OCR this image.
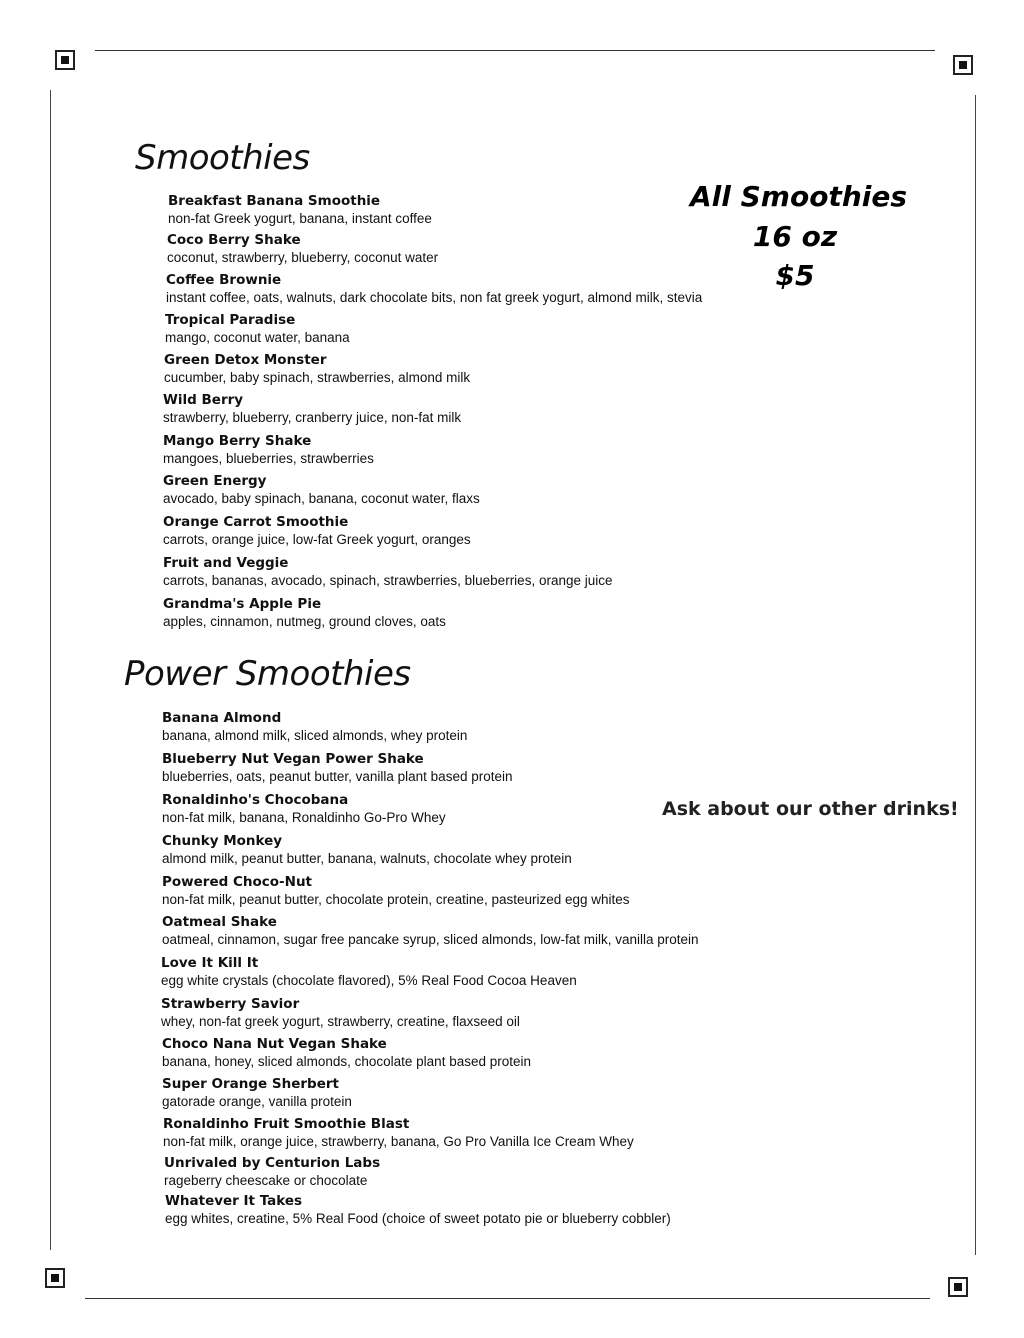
Smoothies
Breakfast Banana Smoothie
non-fat Greek yogurt, banana, instant coffee
Coco Berry Shake
coconut, strawberry, blueberry, coconut water
Coffee Brownie
instant coffee, oats, walnuts, dark chocolate bits, non fat greek yogurt, almond milk, stevia
Tropical Paradise
mango, coconut water, banana
Green Detox Monster
cucumber, baby spinach, strawberries, almond milk
Wild Berry
strawberry, blueberry, cranberry juice, non-fat milk
Mango Berry Shake
mangoes, blueberries, strawberries
Green Energy
avocado, baby spinach, banana, coconut water, flaxs
Orange Carrot Smoothie
carrots, orange juice, low-fat Greek yogurt, oranges
Fruit and Veggie
carrots, bananas, avocado, spinach, strawberries, blueberries, orange juice
Grandma's Apple Pie
apples, cinnamon, nutmeg, ground cloves, oats
All Smoothies
16 oz
$5
Power Smoothies
Banana Almond
banana, almond milk, sliced almonds, whey protein
Blueberry Nut Vegan Power Shake
blueberries, oats, peanut butter, vanilla plant based protein
Ronaldinho's Chocobana
non-fat milk, banana, Ronaldinho Go-Pro Whey
Chunky Monkey
almond milk, peanut butter, banana, walnuts, chocolate whey protein
Powered Choco-Nut
non-fat milk, peanut butter, chocolate protein, creatine, pasteurized egg whites
Oatmeal Shake
oatmeal, cinnamon, sugar free pancake syrup, sliced almonds, low-fat milk, vanilla protein
Love It Kill It
egg white crystals (chocolate flavored), 5% Real Food Cocoa Heaven
Strawberry Savior
whey, non-fat greek yogurt, strawberry, creatine, flaxseed oil
Choco Nana Nut Vegan Shake
banana, honey, sliced almonds, chocolate plant based protein
Super Orange Sherbert
gatorade orange, vanilla protein
Ronaldinho Fruit Smoothie Blast
non-fat milk, orange juice, strawberry, banana, Go Pro Vanilla Ice Cream Whey
Unrivaled by Centurion Labs
rageberry cheescake or chocolate
Whatever It Takes
egg whites, creatine, 5% Real Food (choice of sweet potato pie or blueberry cobbler)
Ask about our other drinks!
